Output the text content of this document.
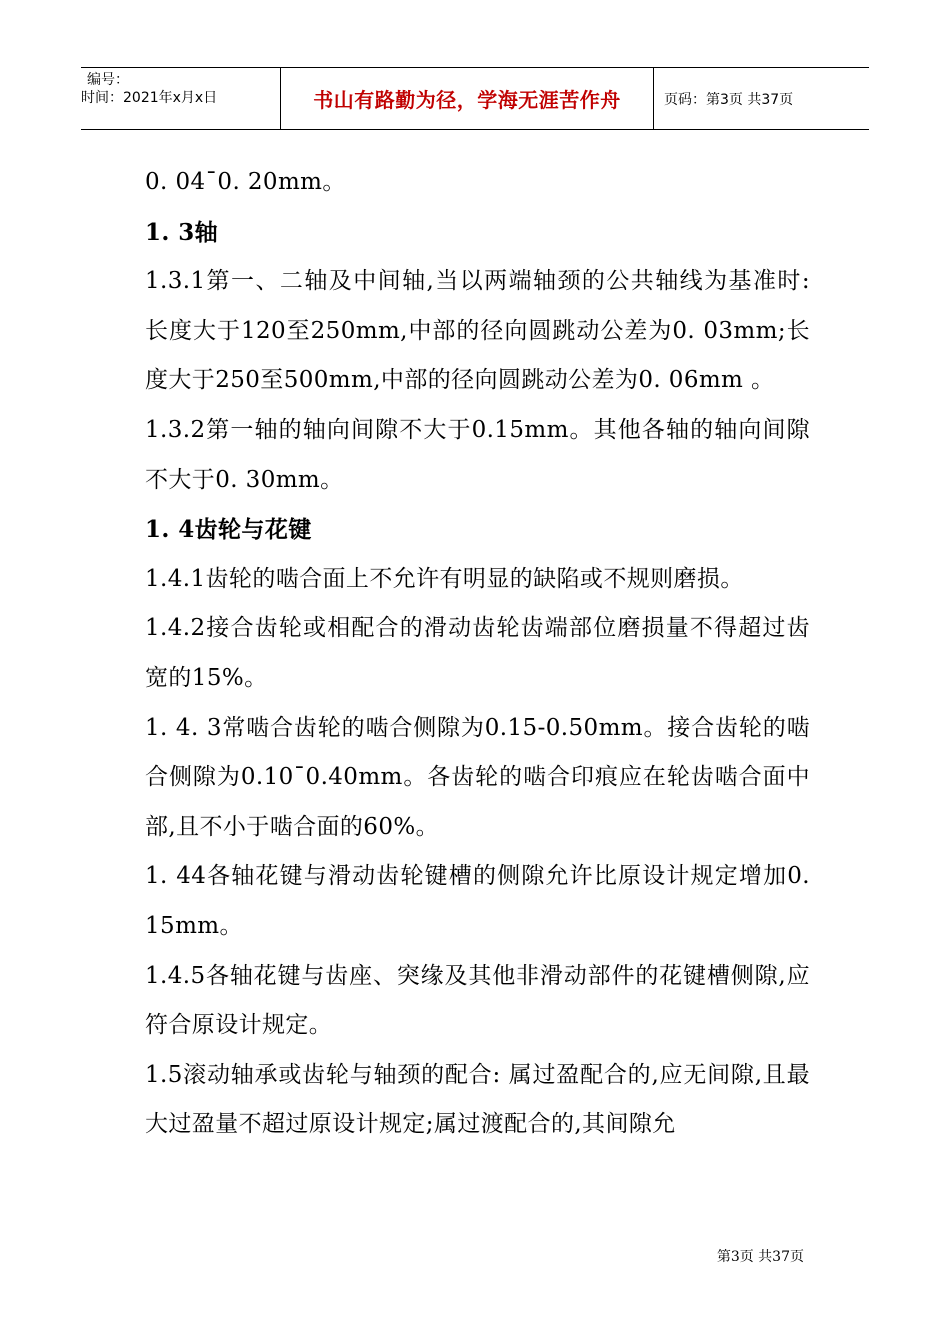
编号：
时间：2021年x月x日	书山有路勤为径，学海无涯苦作舟	页码：第3页 共37页

0. 04¯0. 20mm。

1. 3轴

1.3.1第一、二轴及中间轴,当以两端轴颈的公共轴线为基准时: 长度大于120至250mm,中部的径向圆跳动公差为0. 03mm;长度大于250至500mm,中部的径向圆跳动公差为0. 06mm 。

1.3.2第一轴的轴向间隙不大于0.15mm。其他各轴的轴向间隙不大于0. 30mm。

1. 4齿轮与花键

1.4.1齿轮的啮合面上不允许有明显的缺陷或不规则磨损。

1.4.2接合齿轮或相配合的滑动齿轮齿端部位磨损量不得超过齿宽的15%。

1. 4. 3常啮合齿轮的啮合侧隙为0.15-0.50mm。接合齿轮的啮合侧隙为0.10¯0.40mm。各齿轮的啮合印痕应在轮齿啮合面中部,且不小于啮合面的60%。

1. 44各轴花键与滑动齿轮键槽的侧隙允许比原设计规定增加0. 15mm。

1.4.5各轴花键与齿座、突缘及其他非滑动部件的花键槽侧隙,应符合原设计规定。

1.5滚动轴承或齿轮与轴颈的配合: 属过盈配合的,应无间隙,且最大过盈量不超过原设计规定;属过渡配合的,其间隙允

第3页 共37页
